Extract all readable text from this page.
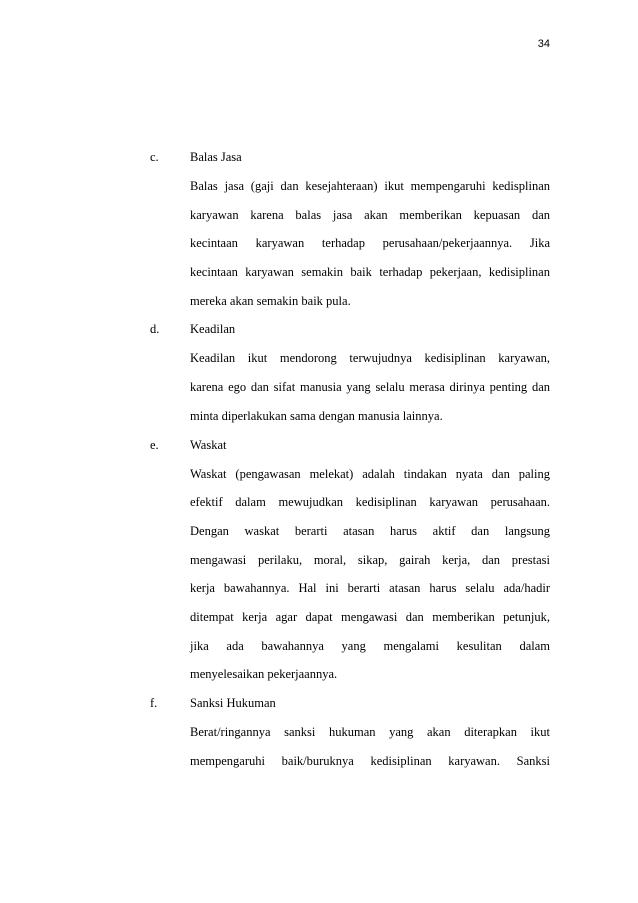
34
c.	Balas Jasa
Balas jasa (gaji dan kesejahteraan) ikut mempengaruhi kedisplinan
karyawan karena balas jasa akan memberikan kepuasan dan
kecintaan karyawan terhadap perusahaan/pekerjaannya. Jika
kecintaan karyawan semakin baik terhadap pekerjaan, kedisiplinan
mereka akan semakin baik pula.
d. Keadilan
Keadilan ikut mendorong terwujudnya kedisiplinan karyawan,
karena ego dan sifat manusia yang selalu merasa dirinya penting dan
minta diperlakukan sama dengan manusia lainnya.
e.	Waskat
Waskat (pengawasan melekat) adalah tindakan nyata dan paling
efektif dalam mewujudkan kedisiplinan karyawan perusahaan.
Dengan waskat berarti atasan harus aktif dan langsung
mengawasi perilaku, moral, sikap, gairah kerja, dan prestasi
kerja bawahannya. Hal ini berarti atasan harus selalu ada/hadir
ditempat kerja agar dapat mengawasi dan memberikan petunjuk,
jika ada bawahannya yang mengalami kesulitan dalam
menyelesaikan pekerjaannya.
f.	Sanksi Hukuman
Berat/ringannya sanksi hukuman yang akan diterapkan ikut
mempengaruhi baik/buruknya kedisiplinan karyawan. Sanksi
